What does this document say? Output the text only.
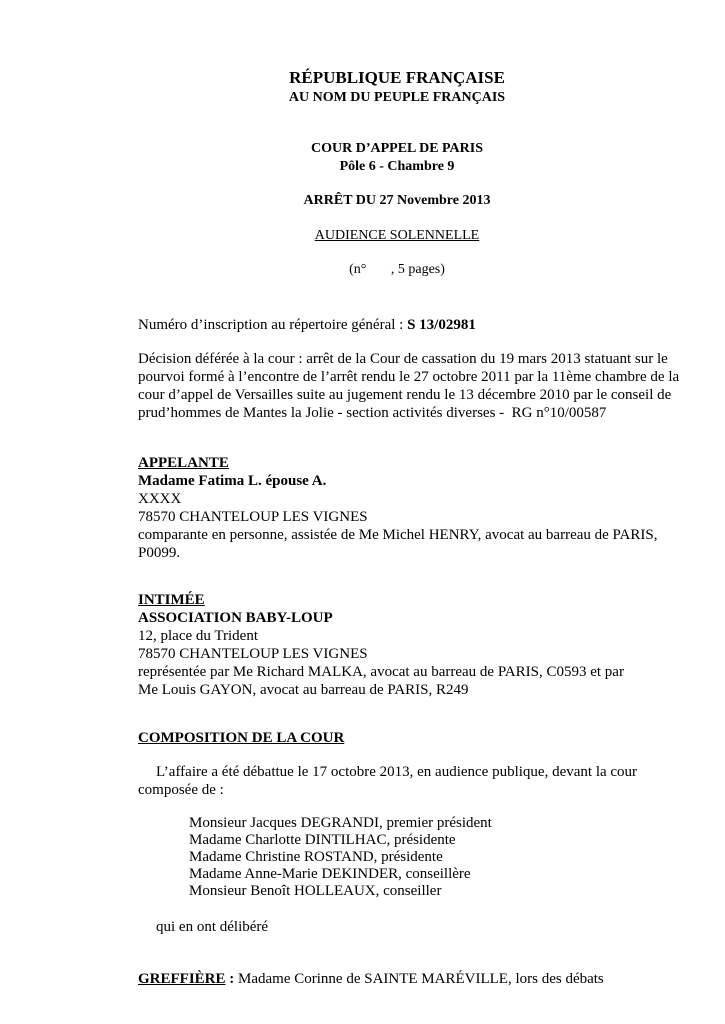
RÉPUBLIQUE FRANÇAISE
AU NOM DU PEUPLE FRANÇAIS
COUR D’APPEL DE PARIS
Pôle 6 - Chambre 9
ARRÊT DU 27 Novembre 2013
AUDIENCE SOLENNELLE
(n°       , 5 pages)
Numéro d’inscription au répertoire général : S 13/02981
Décision déférée à la cour : arrêt de la Cour de cassation du 19 mars 2013 statuant sur le
pourvoi formé à l’encontre de l’arrêt rendu le 27 octobre 2011 par la 11ème chambre de la
cour d’appel de Versailles suite au jugement rendu le 13 décembre 2010 par le conseil de
prud’hommes de Mantes la Jolie - section activités diverses -  RG n°10/00587
APPELANTE
Madame Fatima L. épouse A.
XXXX
78570 CHANTELOUP LES VIGNES
comparante en personne, assistée de Me Michel HENRY, avocat au barreau de PARIS,
P0099.
INTIMÉE
ASSOCIATION BABY-LOUP
12, place du Trident
78570 CHANTELOUP LES VIGNES
représentée par Me Richard MALKA, avocat au barreau de PARIS, C0593 et par
Me Louis GAYON, avocat au barreau de PARIS, R249
COMPOSITION DE LA COUR
L’affaire a été débattue le 17 octobre 2013, en audience publique, devant la cour
composée de :
Monsieur Jacques DEGRANDI, premier président
Madame Charlotte DINTILHAC, présidente
Madame Christine ROSTAND, présidente
Madame Anne-Marie DEKINDER, conseillère
Monsieur Benoît HOLLEAUX, conseiller
qui en ont délibéré
GREFFIÈRE : Madame Corinne de SAINTE MARÉVILLE, lors des débats
